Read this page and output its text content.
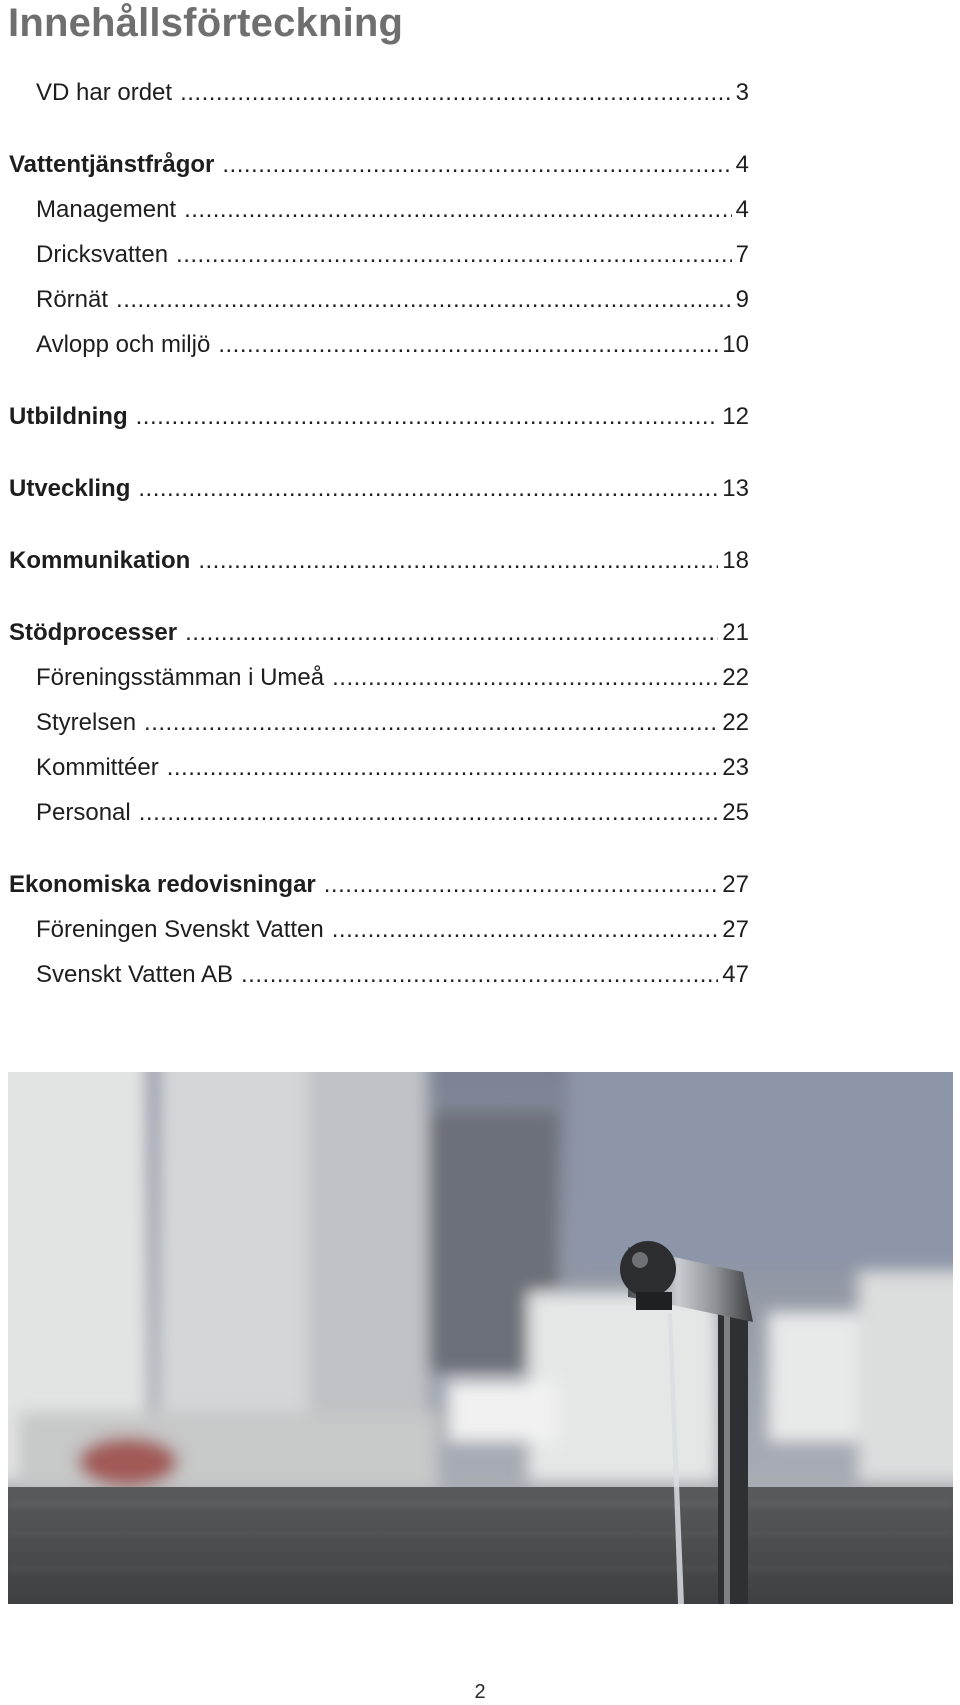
Innehållsförteckning
VD har ordet .....	3
Vattentjänstfrågor .....	4
Management .....	4
Dricksvatten .....	7
Rörnät .....	9
Avlopp och miljö .....	10
Utbildning .....	12
Utveckling .....	13
Kommunikation .....	18
Stödprocesser .....	21
Föreningsstämman i Umeå .....	22
Styrelsen .....	22
Kommittéer .....	23
Personal .....	25
Ekonomiska redovisningar .....	27
Föreningen Svenskt Vatten .....	27
Svenskt Vatten AB .....	47
2
